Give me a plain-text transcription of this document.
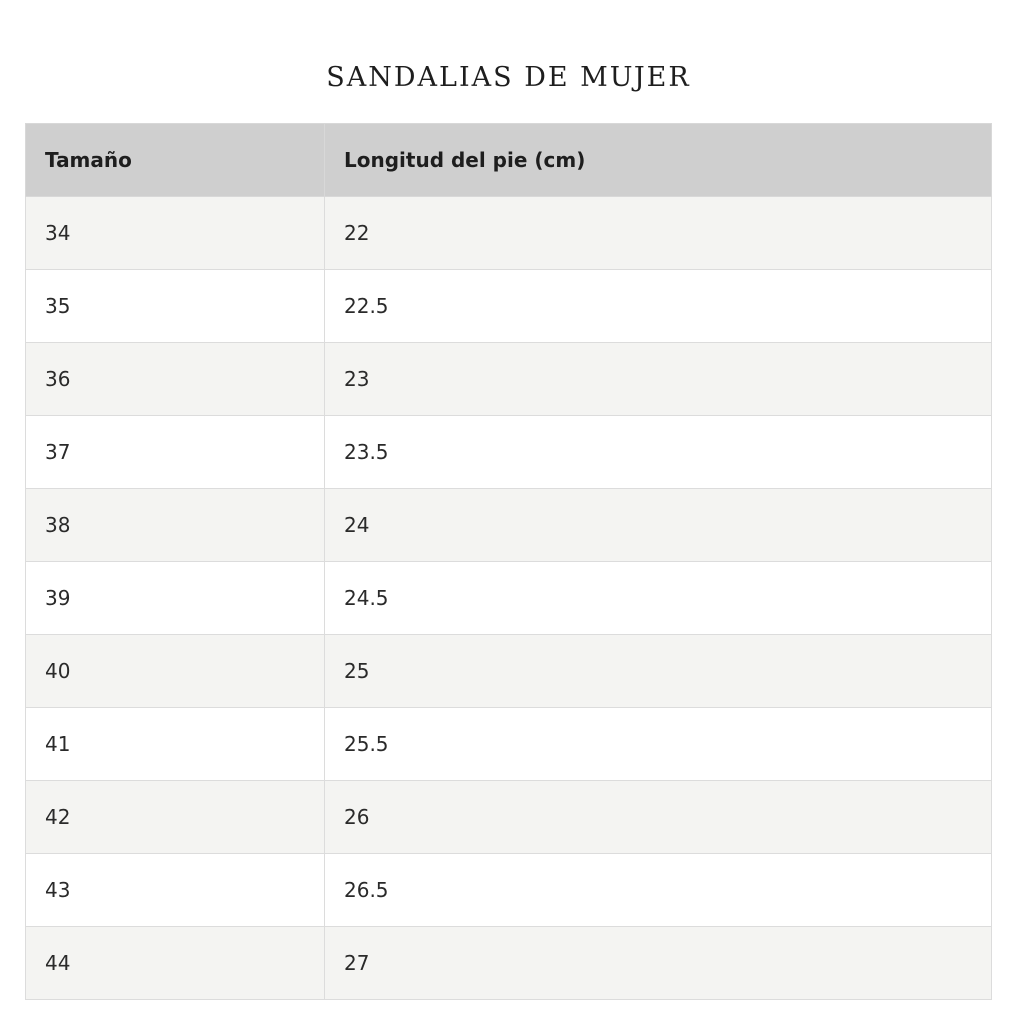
SANDALIAS DE MUJER
Tamaño	Longitud del pie (cm)
34	22
35	22.5
36	23
37	23.5
38	24
39	24.5
40	25
41	25.5
42	26
43	26.5
44	27
